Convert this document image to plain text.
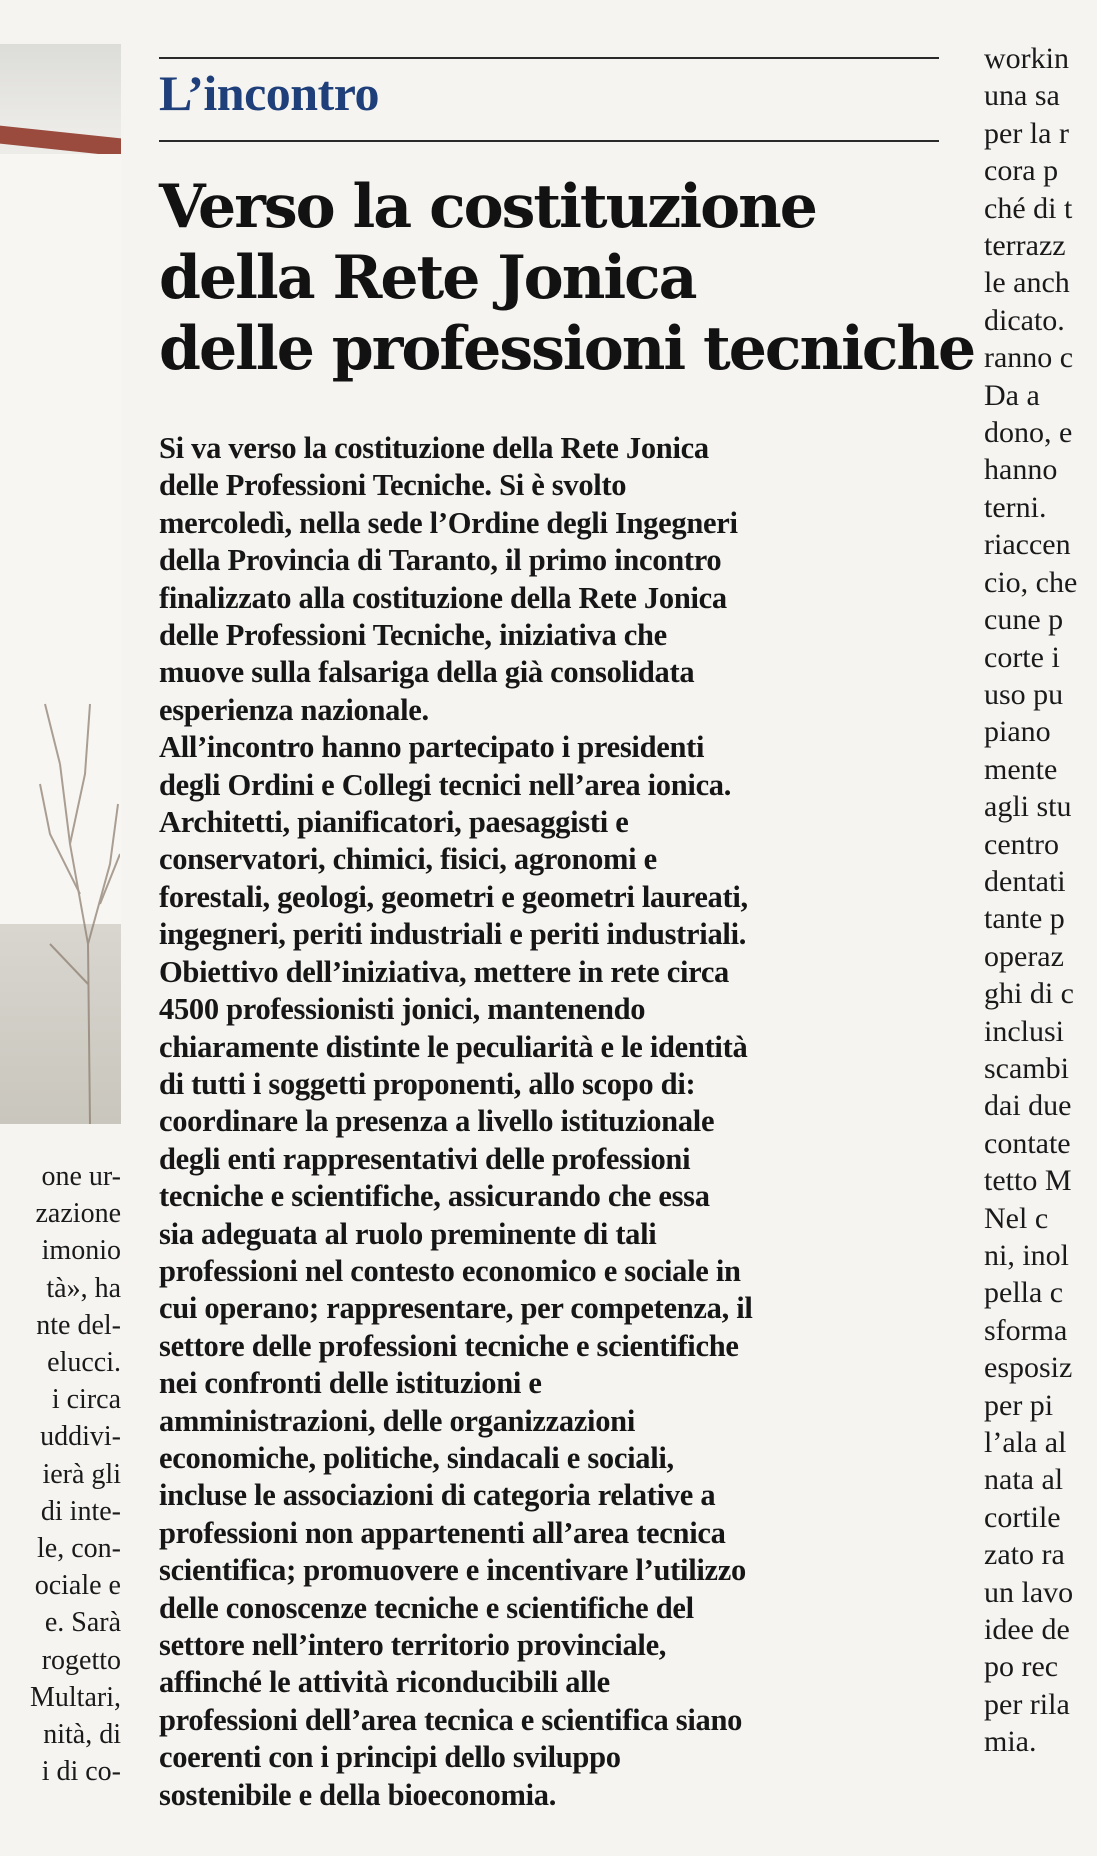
one ur-
zazione
imonio
tà», ha
nte del-
elucci.
i circa
uddivi-
ierà gli
di inte-
le, con-
ociale e
e. Sarà
rogetto
Multari,
nità, di
i di co-
L’incontro
Verso la costituzione
della Rete Jonica
delle professioni tecniche
Si va verso la costituzione della Rete Jonica
delle Professioni Tecniche. Si è svolto
mercoledì, nella sede l’Ordine degli Ingegneri
della Provincia di Taranto, il primo incontro
finalizzato alla costituzione della Rete Jonica
delle Professioni Tecniche, iniziativa che
muove sulla falsariga della già consolidata
esperienza nazionale.
All’incontro hanno partecipato i presidenti
degli Ordini e Collegi tecnici nell’area ionica.
Architetti, pianificatori, paesaggisti e
conservatori, chimici, fisici, agronomi e
forestali, geologi, geometri e geometri laureati,
ingegneri, periti industriali e periti industriali.
Obiettivo dell’iniziativa, mettere in rete circa
4500 professionisti jonici, mantenendo
chiaramente distinte le peculiarità e le identità
di tutti i soggetti proponenti, allo scopo di:
coordinare la presenza a livello istituzionale
degli enti rappresentativi delle professioni
tecniche e scientifiche, assicurando che essa
sia adeguata al ruolo preminente di tali
professioni nel contesto economico e sociale in
cui operano; rappresentare, per competenza, il
settore delle professioni tecniche e scientifiche
nei confronti delle istituzioni e
amministrazioni, delle organizzazioni
economiche, politiche, sindacali e sociali,
incluse le associazioni di categoria relative a
professioni non appartenenti all’area tecnica
scientifica; promuovere e incentivare l’utilizzo
delle conoscenze tecniche e scientifiche del
settore nell’intero territorio provinciale,
affinché le attività riconducibili alle
professioni dell’area tecnica e scientifica siano
coerenti con i principi dello sviluppo
sostenibile e della bioeconomia.
workin
una sa
per la r
cora p
ché di t
terrazz
le anch
dicato.
ranno c
Da a
dono, e
hanno
terni.
riaccen
cio, che
cune p
corte i
uso pu
piano
mente
agli stu
centro
dentati
tante p
operaz
ghi di c
inclusi
scambi
dai due
contate
tetto M
Nel c
ni, inol
pella c
sforma
esposiz
per pi
l’ala al
nata al
cortile
zato ra
un lavo
idee de
po rec
per rila
mia.
